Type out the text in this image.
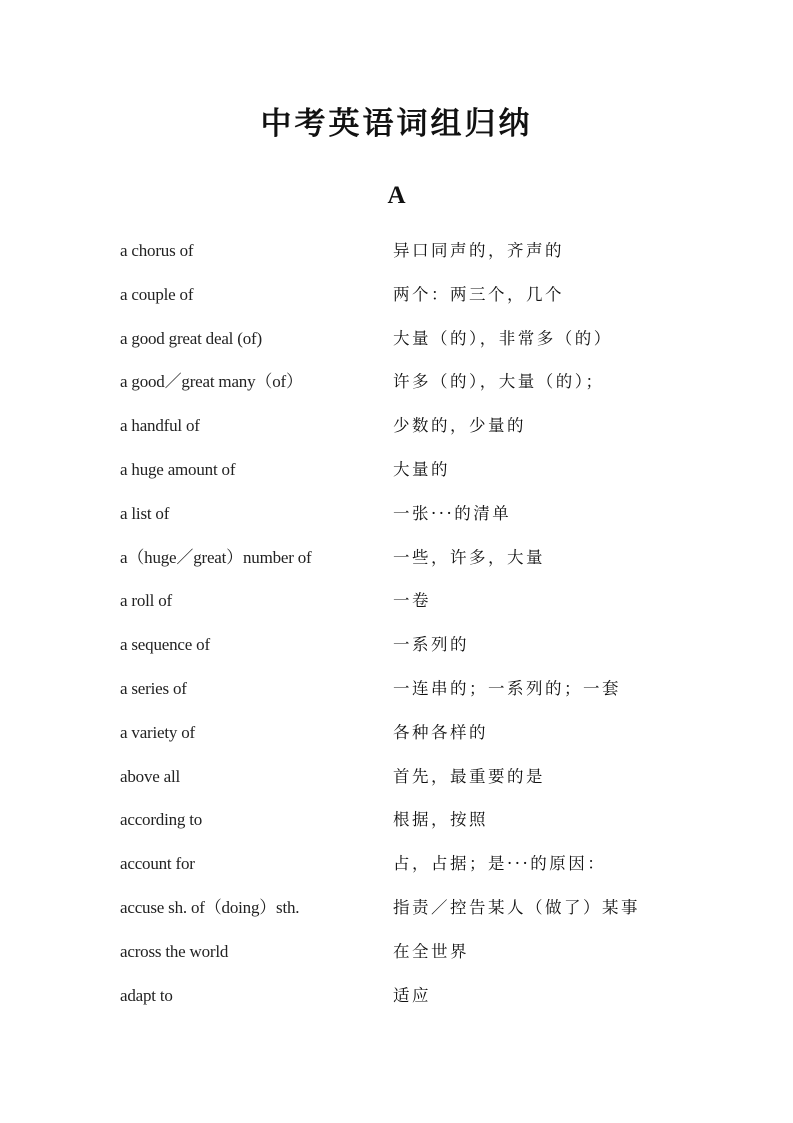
中考英语词组归纳
A
a chorus of	异口同声的，齐声的
a couple of	两个：两三个，几个
a good great deal (of)	大量（的），非常多（的）
a good／great many（of）	许多（的），大量（的）；
a handful of	少数的，少量的
a huge amount of	大量的
a list of	一张···的清单
a（huge／great）number of	一些，许多，大量
a roll of	一卷
a sequence of	一系列的
a series of	一连串的；一系列的；一套
a variety of	各种各样的
above all	首先，最重要的是
according to	根据，按照
account for	占，占据；是···的原因：
accuse sh. of（doing）sth.	指责／控告某人（做了）某事
across the world	在全世界
adapt to	适应
